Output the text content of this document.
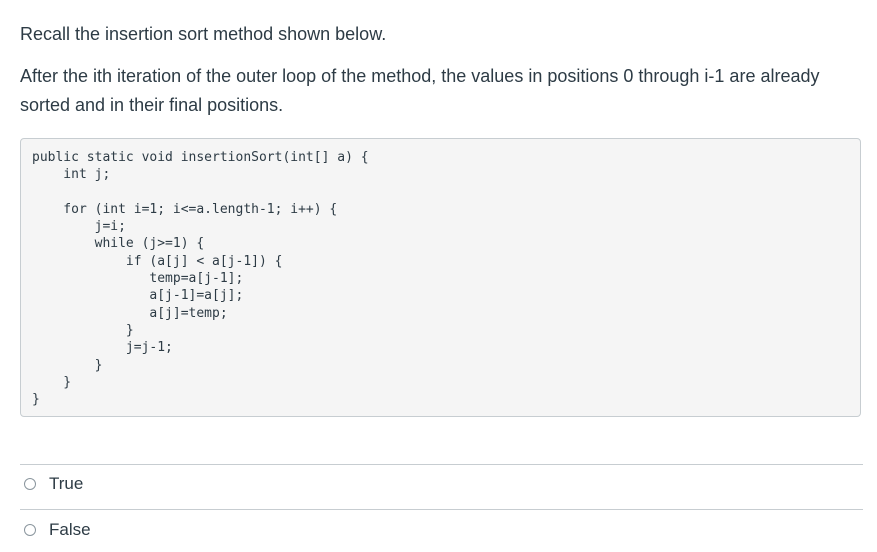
Recall the insertion sort method shown below.

After the ith iteration of the outer loop of the method, the values in positions 0 through i-1 are already sorted and in their final positions.

public static void insertionSort(int[] a) {
int j;

for (int i=1; i<=a.length-1; i++) {
j=i;
while (j>=1) {
if (a[j] < a[j-1]) {
temp=a[j-1];
a[j-1]=a[j];
a[j]=temp;
}
j=j-1;
}
}
}
True
False
